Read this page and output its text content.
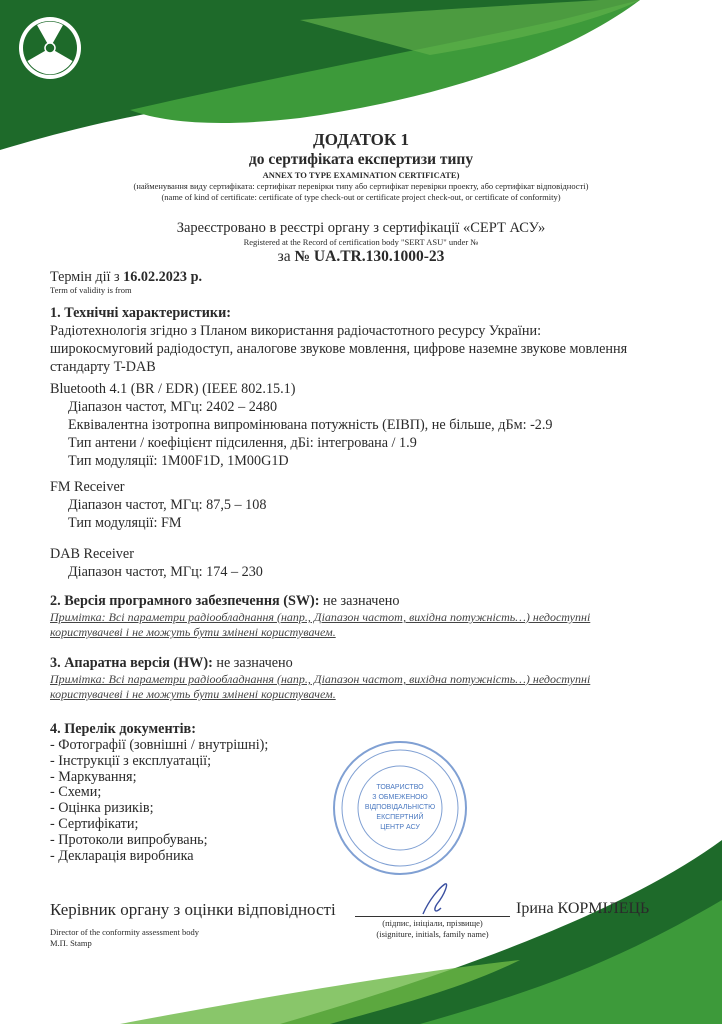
ДОДАТОК 1
до сертифіката експертизи типу
ANNEX TO TYPE EXAMINATION CERTIFICATE)
(найменування виду сертифіката: сертифікат перевірки типу або сертифікат перевірки проекту, або сертифікат відповідності)
(name of kind of certificate: certificate of type check-out or certificate project check-out, or certificate of conformity)
Зареєстровано в реєстрі органу з сертифікації «СЕРТ АСУ»
Registered at the Record of certification body "SERT ASU" under №
за № UA.TR.130.1000-23
Термін дії з 16.02.2023 р.
Term of validity is from
1. Технічні характеристики:
Радіотехнологія згідно з Планом використання радіочастотного ресурсу України:
широкосмуговий радіодоступ, аналогове звукове мовлення, цифрове наземне звукове мовлення
стандарту T-DAB
Bluetooth 4.1 (BR / EDR) (IEEE 802.15.1)
Діапазон частот, МГц: 2402 – 2480
Еквівалентна ізотропна випромінювана потужність (ЕІВП), не більше, дБм: -2.9
Тип антени / коефіцієнт підсилення, дБі: інтегрована / 1.9
Тип модуляції: 1M00F1D, 1M00G1D
FM Receiver
Діапазон частот, МГц: 87,5 – 108
Тип модуляції: FM
DAB Receiver
Діапазон частот, МГц: 174 – 230
2. Версія програмного забезпечення (SW): не зазначено
Примітка: Всі параметри радіообладнання (напр., Діапазон частот, вихідна потужність…) недоступні користувачеві і не можуть бути змінені користувачем.
3. Апаратна версія (HW): не зазначено
Примітка: Всі параметри радіообладнання (напр., Діапазон частот, вихідна потужність…) недоступні користувачеві і не можуть бути змінені користувачем.
4. Перелік документів:
- Фотографії (зовнішні / внутрішні);
- Інструкції з експлуатації;
- Маркування;
- Схеми;
- Оцінка ризиків;
- Сертифікати;
- Протоколи випробувань;
- Декларація виробника
ТОВАРИСТВО
З ОБМЕЖЕНОЮ
ВІДПОВІДАЛЬНІСТЮ
ЕКСПЕРТНИЙ
ЦЕНТР АСУ
Керівник органу з оцінки відповідності
Director of the conformity assessment body
М.П. Stamp
(підпис, ініціали, прізвище)
(isigniture, initials, family name)
Ірина КОРМІЛЕЦЬ
